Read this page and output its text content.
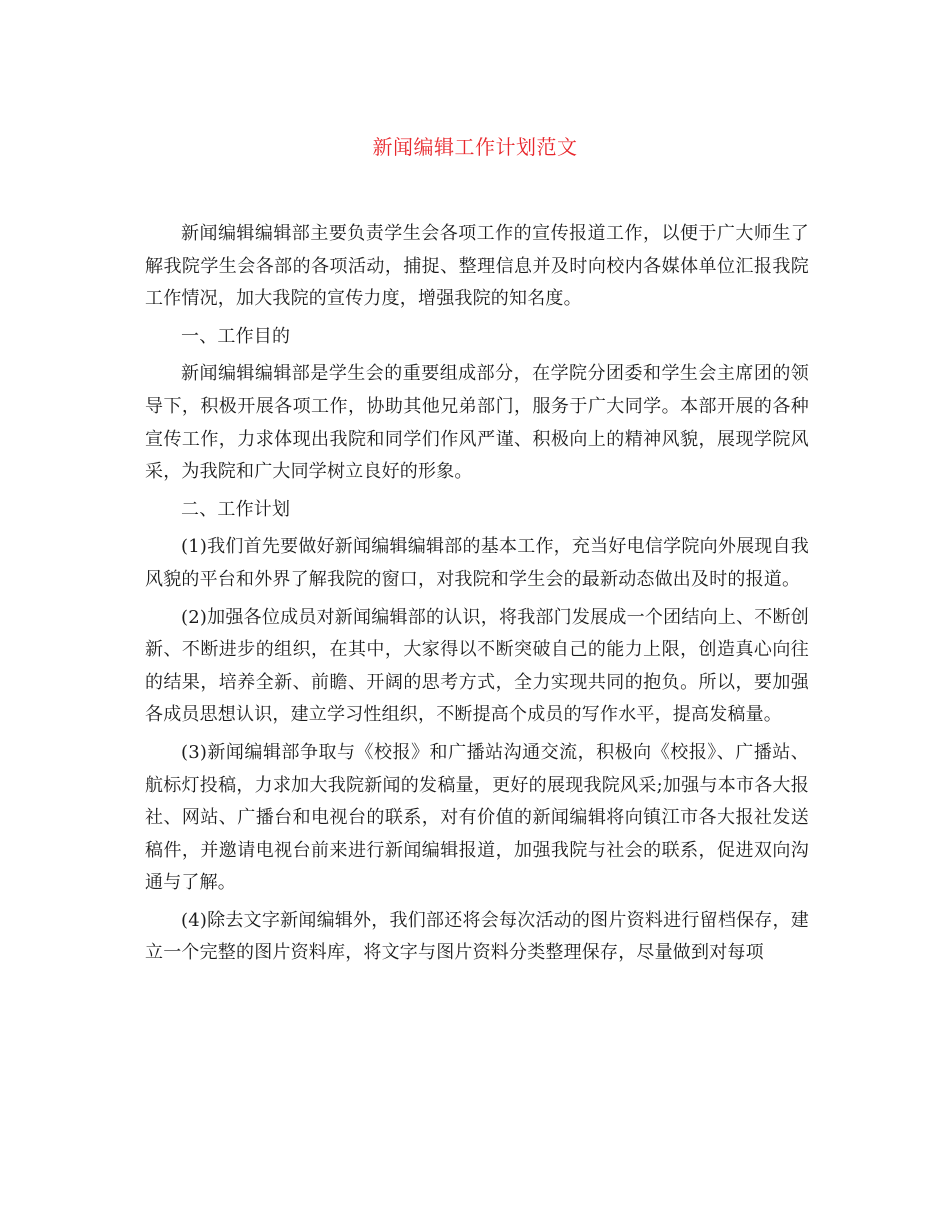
新闻编辑工作计划范文

新闻编辑编辑部主要负责学生会各项工作的宣传报道工作，以便于广大师生了解我院学生会各部的各项活动，捕捉、整理信息并及时向校内各媒体单位汇报我院工作情况，加大我院的宣传力度，增强我院的知名度。

一、工作目的

新闻编辑编辑部是学生会的重要组成部分，在学院分团委和学生会主席团的领导下，积极开展各项工作，协助其他兄弟部门，服务于广大同学。本部开展的各种宣传工作，力求体现出我院和同学们作风严谨、积极向上的精神风貌，展现学院风采，为我院和广大同学树立良好的形象。

二、工作计划

(1)我们首先要做好新闻编辑编辑部的基本工作，充当好电信学院向外展现自我风貌的平台和外界了解我院的窗口，对我院和学生会的最新动态做出及时的报道。

(2)加强各位成员对新闻编辑部的认识，将我部门发展成一个团结向上、不断创新、不断进步的组织，在其中，大家得以不断突破自己的能力上限，创造真心向往的结果，培养全新、前瞻、开阔的思考方式，全力实现共同的抱负。所以，要加强各成员思想认识，建立学习性组织，不断提高个成员的写作水平，提高发稿量。

(3)新闻编辑部争取与《校报》和广播站沟通交流，积极向《校报》、广播站、航标灯投稿，力求加大我院新闻的发稿量，更好的展现我院风采;加强与本市各大报社、网站、广播台和电视台的联系，对有价值的新闻编辑将向镇江市各大报社发送稿件，并邀请电视台前来进行新闻编辑报道，加强我院与社会的联系，促进双向沟通与了解。

(4)除去文字新闻编辑外，我们部还将会每次活动的图片资料进行留档保存，建立一个完整的图片资料库，将文字与图片资料分类整理保存，尽量做到对每项
